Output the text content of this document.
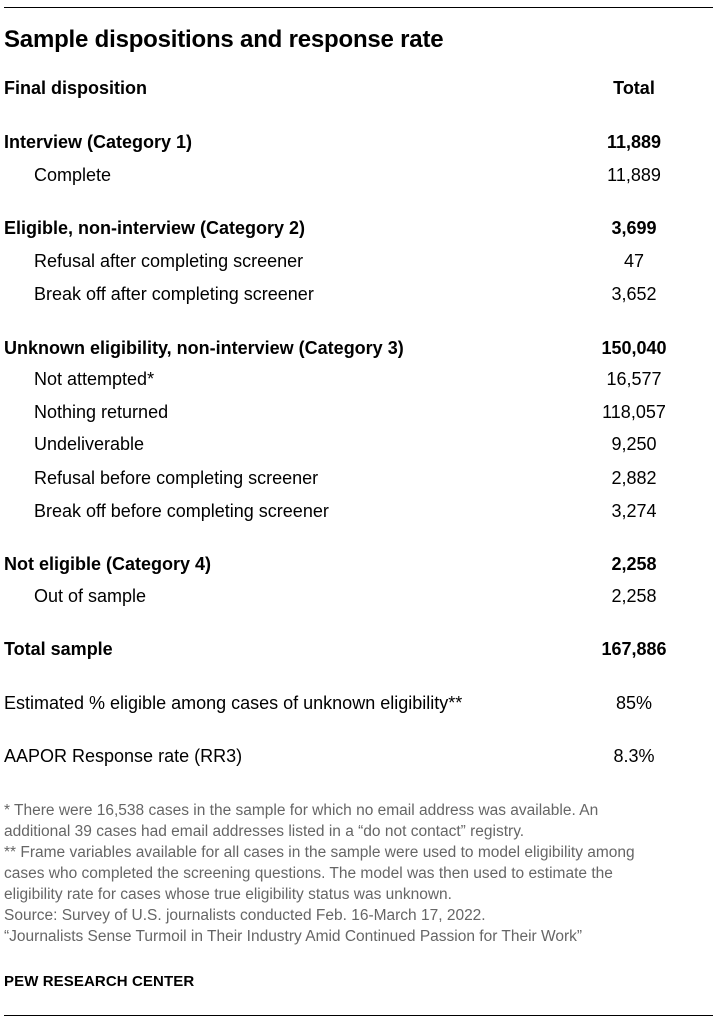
Sample dispositions and response rate
Final disposition	Total
Interview (Category 1)	11,889
Complete	11,889
Eligible, non-interview (Category 2)	3,699
Refusal after completing screener	47
Break off after completing screener	3,652
Unknown eligibility, non-interview (Category 3)	150,040
Not attempted*	16,577
Nothing returned	118,057
Undeliverable	9,250
Refusal before completing screener	2,882
Break off before completing screener	3,274
Not eligible (Category 4)	2,258
Out of sample	2,258
Total sample	167,886
Estimated % eligible among cases of unknown eligibility**	85%
AAPOR Response rate (RR3)	8.3%
* There were 16,538 cases in the sample for which no email address was available. An
additional 39 cases had email addresses listed in a “do not contact” registry.
** Frame variables available for all cases in the sample were used to model eligibility among
cases who completed the screening questions. The model was then used to estimate the
eligibility rate for cases whose true eligibility status was unknown.
Source: Survey of U.S. journalists conducted Feb. 16-March 17, 2022.
“Journalists Sense Turmoil in Their Industry Amid Continued Passion for Their Work”
PEW RESEARCH CENTER
